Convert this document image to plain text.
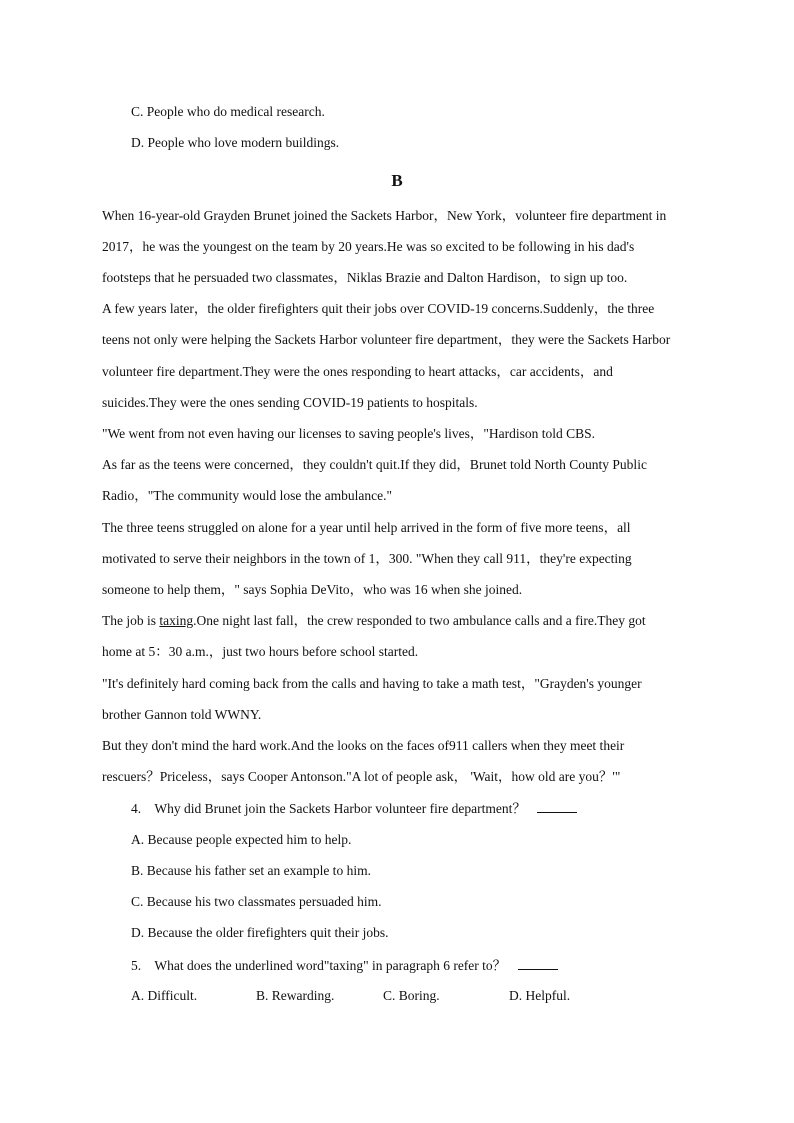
C. People who do medical research.
D. People who love modern buildings.
B
When 16-year-old Grayden Brunet joined the Sackets Harbor，New York，volunteer fire department in
2017，he was the youngest on the team by 20 years.He was so excited to be following in his dad's
footsteps that he persuaded two classmates，Niklas Brazie and Dalton Hardison，to sign up too.
A few years later，the older firefighters quit their jobs over COVID-19 concerns.Suddenly，the three
teens not only were helping the Sackets Harbor volunteer fire department，they were the Sackets Harbor
volunteer fire department.They were the ones responding to heart attacks，car accidents，and
suicides.They were the ones sending COVID-19 patients to hospitals.
"We went from not even having our licenses to saving people's lives，"Hardison told CBS.
As far as the teens were concerned，they couldn't quit.If they did，Brunet told North County Public
Radio，"The community would lose the ambulance."
The three teens struggled on alone for a year until help arrived in the form of five more teens，all
motivated to serve their neighbors in the town of 1，300. "When they call 911，they're expecting
someone to help them，" says Sophia DeVito，who was 16 when she joined.
The job is taxing.One night last fall，the crew responded to two ambulance calls and a fire.They got
home at 5：30 a.m.，just two hours before school started.
"It's definitely hard coming back from the calls and having to take a math test，"Grayden's younger
brother Gannon told WWNY.
But they don't mind the hard work.And the looks on the faces of911 callers when they meet their
rescuers？Priceless，says Cooper Antonson."A lot of people ask， 'Wait，how old are you？'"
4. Why did Brunet join the Sackets Harbor volunteer fire department？
A. Because people expected him to help.
B. Because his father set an example to him.
C. Because his two classmates persuaded him.
D. Because the older firefighters quit their jobs.
5. What does the underlined word"taxing" in paragraph 6 refer to？
A. Difficult.	B. Rewarding.	C. Boring.	D. Helpful.
